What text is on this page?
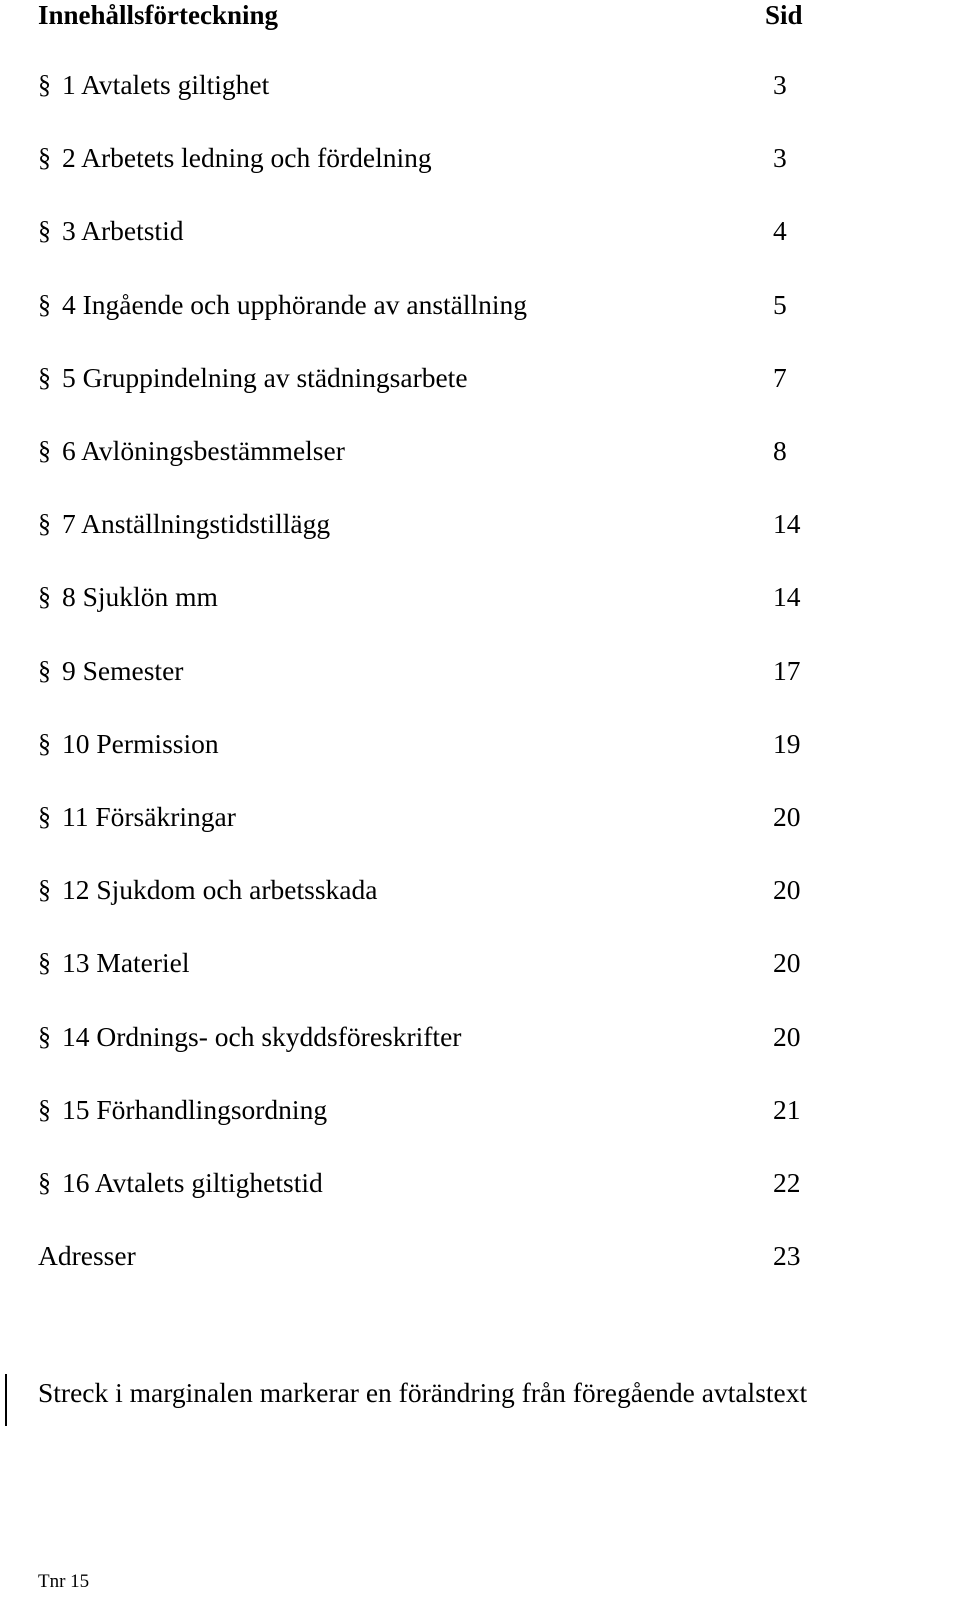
Innehållsförteckning	Sid
§ 1 Avtalets giltighet	3
§ 2 Arbetets ledning och fördelning	3
§ 3 Arbetstid	4
§ 4 Ingående och upphörande av anställning	5
§ 5 Gruppindelning av städningsarbete	7
§ 6 Avlöningsbestämmelser	8
§ 7 Anställningstidstillägg	14
§ 8 Sjuklön mm	14
§ 9 Semester	17
§ 10 Permission	19
§ 11 Försäkringar	20
§ 12 Sjukdom och arbetsskada	20
§ 13 Materiel	20
§ 14 Ordnings- och skyddsföreskrifter	20
§ 15 Förhandlingsordning	21
§ 16 Avtalets giltighetstid	22
Adresser	23
Streck i marginalen markerar en förändring från föregående avtalstext
Tnr 15
